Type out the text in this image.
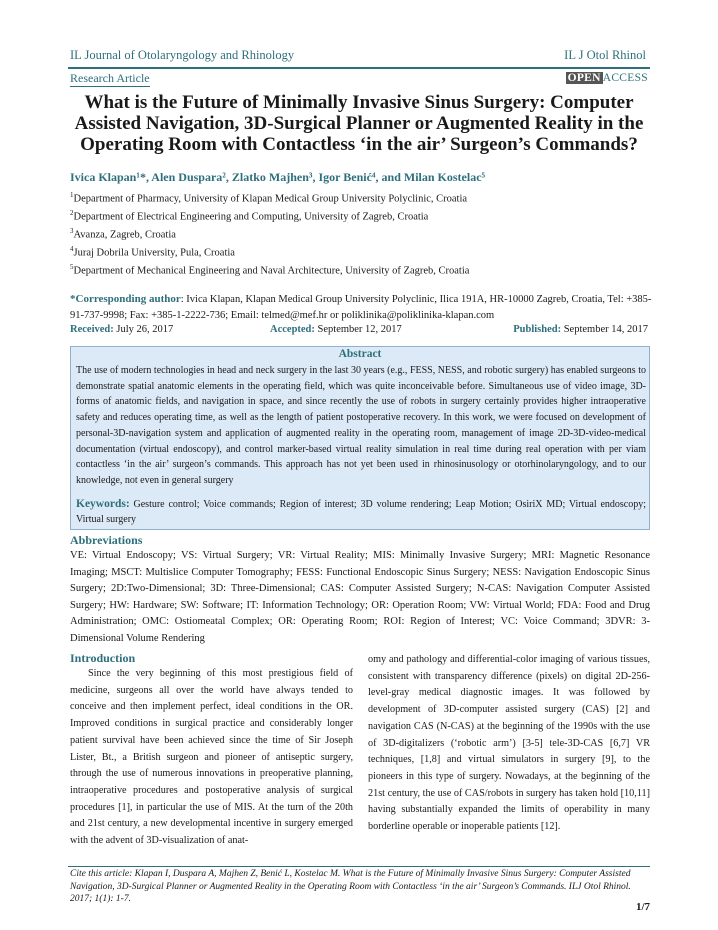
IL Journal of Otolaryngology and Rhinology	IL J Otol Rhinol
Research Article	OPEN ACCESS
What is the Future of Minimally Invasive Sinus Surgery: Computer Assisted Navigation, 3D-Surgical Planner or Augmented Reality in the Operating Room with Contactless ‘in the air’ Surgeon’s Commands?
Ivica Klapan¹*, Alen Duspara², Zlatko Majhen³, Igor Benić⁴, and Milan Kostelac⁵
$^1$Department of Pharmacy, University of Klapan Medical Group University Polyclinic, Croatia
$^2$Department of Electrical Engineering and Computing, University of Zagreb, Croatia
$^3$Avanza, Zagreb, Croatia
$^4$Juraj Dobrila University, Pula, Croatia
$^5$Department of Mechanical Engineering and Naval Architecture, University of Zagreb, Croatia
*Corresponding author: Ivica Klapan, Klapan Medical Group University Polyclinic, Ilica 191A, HR-10000 Zagreb, Croatia, Tel: +385-91-737-9998; Fax: +385-1-2222-736; Email: telmed@mef.hr or poliklinika@poliklinika-klapan.com
Received: July 26, 2017	Accepted: September 12, 2017	Published: September 14, 2017
Abstract
The use of modern technologies in head and neck surgery in the last 30 years (e.g., FESS, NESS, and robotic surgery) has enabled surgeons to demonstrate spatial anatomic elements in the operating field, which was quite inconceivable before. Simultaneous use of video image, 3D-forms of anatomic fields, and navigation in space, and since recently the use of robots in surgery certainly provides higher intraoperative safety and reduces operating time, as well as the length of patient postoperative recovery. In this work, we were focused on development of personal-3D-navigation system and application of augmented reality in the operating room, management of image 2D-3D-video-medical documentation (virtual endoscopy), and control marker-based virtual reality simulation in real time during real operation with per viam contactless ‘in the air’ surgeon’s commands. This approach has not yet been used in rhinosinusology or otorhinolaryngology, and to our knowledge, not even in general surgery
Keywords: Gesture control; Voice commands; Region of interest; 3D volume rendering; Leap Motion; OsiriX MD; Virtual endoscopy; Virtual surgery
Abbreviations
VE: Virtual Endoscopy; VS: Virtual Surgery; VR: Virtual Reality; MIS: Minimally Invasive Surgery; MRI: Magnetic Resonance Imaging; MSCT: Multislice Computer Tomography; FESS: Functional Endoscopic Sinus Surgery; NESS: Navigation Endoscopic Sinus Surgery; 2D:Two-Dimensional; 3D: Three-Dimensional; CAS: Computer Assisted Surgery; N-CAS: Navigation Computer Assisted Surgery; HW: Hardware; SW: Software; IT: Information Technology; OR: Operation Room; VW: Virtual World; FDA: Food and Drug Administration; OMC: Ostiomeatal Complex; OR: Operating Room; ROI: Region of Interest; VC: Voice Command; 3DVR: 3-Dimensional Volume Rendering
Introduction
Since the very beginning of this most prestigious field of medicine, surgeons all over the world have always tended to conceive and then implement perfect, ideal conditions in the OR. Improved conditions in surgical practice and considerably longer patient survival have been achieved since the time of Sir Joseph Lister, Bt., a British surgeon and pioneer of antiseptic surgery, through the use of numerous innovations in preoperative planning, intraoperative procedures and postoperative analysis of surgical procedures [1], in particular the use of MIS. At the turn of the 20th and 21st century, a new developmental incentive in surgery emerged with the advent of 3D-visualization of anat-
omy and pathology and differential-color imaging of various tissues, consistent with transparency difference (pixels) on digital 2D-256-level-gray medical diagnostic images. It was followed by development of 3D-computer assisted surgery (CAS) [2] and navigation CAS (N-CAS) at the beginning of the 1990s with the use of 3D-digitalizers (‘robotic arm’) [3-5] tele-3D-CAS [6,7] VR techniques, [1,8] and virtual simulators in surgery [9], to the pioneers in this type of surgery. Nowadays, at the beginning of the 21st century, the use of CAS/robots in surgery has taken hold [10,11] having substantially expanded the limits of operability in many borderline operable or inoperable patients [12].
Cite this article: Klapan I, Duspara A, Majhen Z, Benić L, Kostelac M. What is the Future of Minimally Invasive Sinus Surgery: Computer Assisted Navigation, 3D-Surgical Planner or Augmented Reality in the Operating Room with Contactless ‘in the air’ Surgeon’s Commands. ILJ Otol Rhinol. 2017; 1(1): 1-7.
1/7
